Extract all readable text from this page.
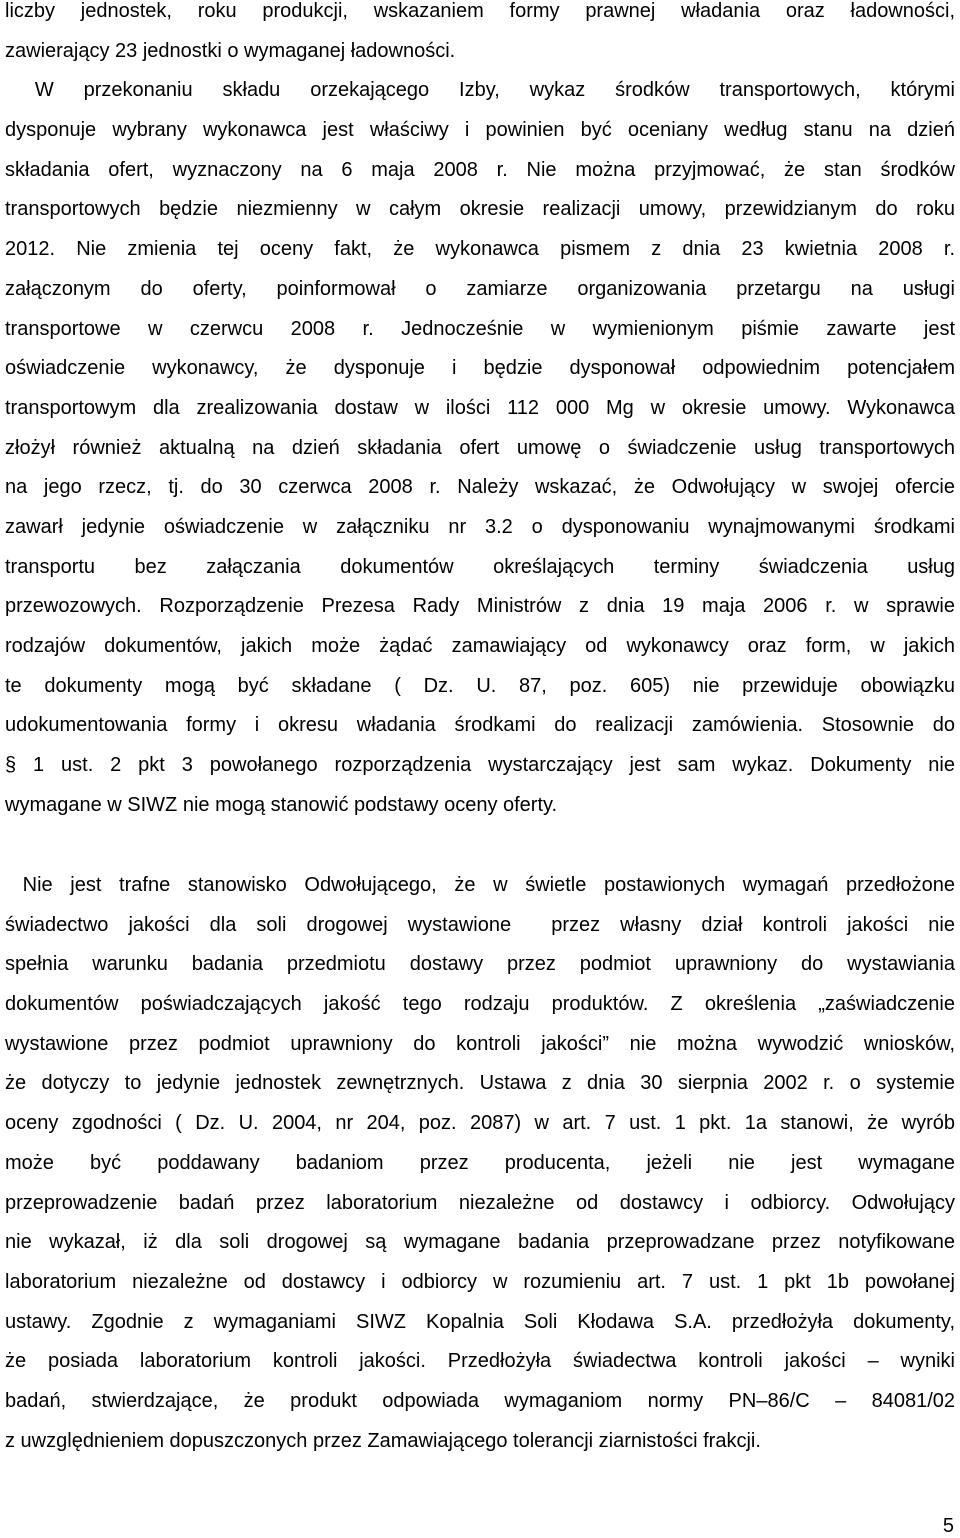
liczby jednostek, roku produkcji, wskazaniem formy prawnej władania oraz ładowności,
zawierający 23 jednostki o wymaganej ładowności.
W przekonaniu składu orzekającego Izby, wykaz środków transportowych, którymi
dysponuje wybrany wykonawca jest właściwy i powinien być oceniany według stanu na dzień
składania ofert, wyznaczony na 6 maja 2008 r. Nie można przyjmować, że stan środków
transportowych będzie niezmienny w całym okresie realizacji umowy, przewidzianym do roku
2012. Nie zmienia tej oceny fakt, że wykonawca pismem z dnia 23 kwietnia 2008 r.
załączonym do oferty, poinformował o zamiarze organizowania przetargu na usługi
transportowe w czerwcu 2008 r. Jednocześnie w wymienionym piśmie zawarte jest
oświadczenie wykonawcy, że dysponuje i będzie dysponował odpowiednim potencjałem
transportowym dla zrealizowania dostaw w ilości 112 000 Mg w okresie umowy. Wykonawca
złożył również aktualną na dzień składania ofert umowę o świadczenie usług transportowych
na jego rzecz, tj. do 30 czerwca 2008 r. Należy wskazać, że Odwołujący w swojej ofercie
zawarł jedynie oświadczenie w załączniku nr 3.2 o dysponowaniu wynajmowanymi środkami
transportu bez załączania dokumentów określających terminy świadczenia usług
przewozowych. Rozporządzenie Prezesa Rady Ministrów z dnia 19 maja 2006 r. w sprawie
rodzajów dokumentów, jakich może żądać zamawiający od wykonawcy oraz form, w jakich
te dokumenty mogą być składane ( Dz. U. 87, poz. 605) nie przewiduje obowiązku
udokumentowania formy i okresu władania środkami do realizacji zamówienia. Stosownie do
§ 1 ust. 2 pkt 3 powołanego rozporządzenia wystarczający jest sam wykaz. Dokumenty nie
wymagane w SIWZ nie mogą stanowić podstawy oceny oferty.
Nie jest trafne stanowisko Odwołującego, że w świetle postawionych wymagań przedłożone
świadectwo jakości dla soli drogowej wystawione  przez własny dział kontroli jakości nie
spełnia warunku badania przedmiotu dostawy przez podmiot uprawniony do wystawiania
dokumentów poświadczających jakość tego rodzaju produktów. Z określenia „zaświadczenie
wystawione przez podmiot uprawniony do kontroli jakości” nie można wywodzić wniosków,
że dotyczy to jedynie jednostek zewnętrznych. Ustawa z dnia 30 sierpnia 2002 r. o systemie
oceny zgodności ( Dz. U. 2004, nr 204, poz. 2087) w art. 7 ust. 1 pkt. 1a stanowi, że wyrób
może być poddawany badaniom przez producenta, jeżeli nie jest wymagane
przeprowadzenie badań przez laboratorium niezależne od dostawcy i odbiorcy. Odwołujący
nie wykazał, iż dla soli drogowej są wymagane badania przeprowadzane przez notyfikowane
laboratorium niezależne od dostawcy i odbiorcy w rozumieniu art. 7 ust. 1 pkt 1b powołanej
ustawy. Zgodnie z wymaganiami SIWZ Kopalnia Soli Kłodawa S.A. przedłożyła dokumenty,
że posiada laboratorium kontroli jakości. Przedłożyła świadectwa kontroli jakości – wyniki
badań, stwierdzające, że produkt odpowiada wymaganiom normy PN–86/C – 84081/02
z uwzględnieniem dopuszczonych przez Zamawiającego tolerancji ziarnistości frakcji.
5
